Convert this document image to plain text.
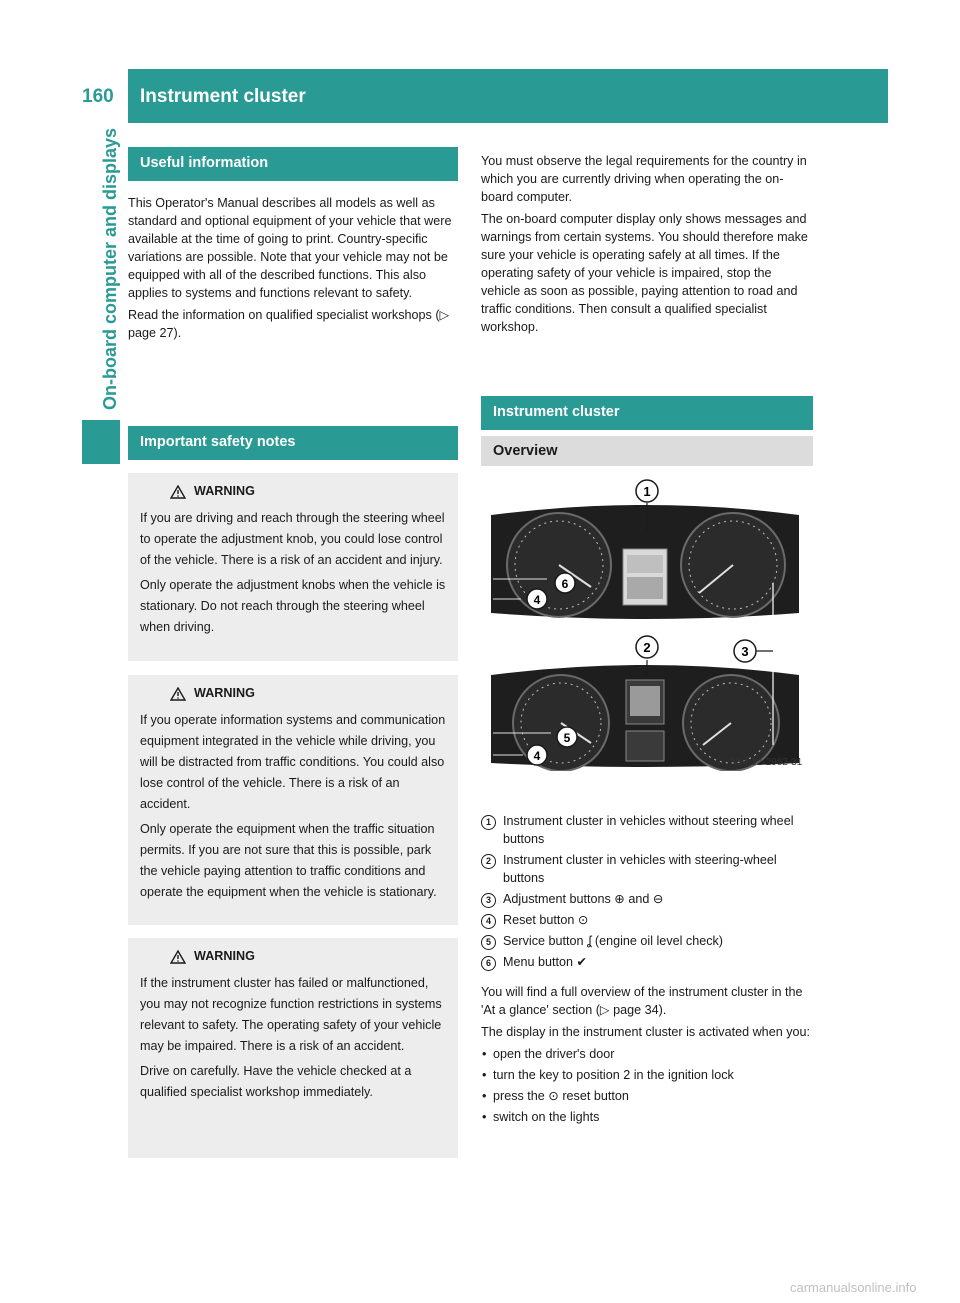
160 Instrument cluster
On-board computer and displays	Useful information

This Operator's Manual describes all models as well as standard and optional equipment of your vehicle that were available at the time of going to print. Country-specific variations are possible. Note that your vehicle may not be equipped with all of the described functions. This also applies to systems and functions relevant to safety.

Read the information on qualified specialist workshops (▷ page 27).

Important safety notes
WARNING

If you are driving and reach through the steering wheel to operate the adjustment knob, you could lose control of the vehicle. There is a risk of an accident and injury.

Only operate the adjustment knobs when the vehicle is stationary. Do not reach through the steering wheel when driving.

WARNING

If you operate information systems and communication equipment integrated in the vehicle while driving, you will be distracted from traffic conditions. You could also lose control of the vehicle. There is a risk of an accident.

Only operate the equipment when the traffic situation permits. If you are not sure that this is possible, park the vehicle paying attention to traffic conditions and operate the equipment when the vehicle is stationary.

WARNING

If the instrument cluster has failed or malfunctioned, you may not recognize function restrictions in systems relevant to safety. The operating safety of your vehicle may be impaired. There is a risk of an accident.

Drive on carefully. Have the vehicle checked at a qualified specialist workshop immediately.

You must observe the legal requirements for the country in which you are currently driving when operating the on-board computer.

The on-board computer display only shows messages and warnings from certain systems. You should therefore make sure your vehicle is operating safely at all times. If the operating safety of your vehicle is impaired, stop the vehicle as soon as possible, paying attention to road and traffic conditions. Then consult a qualified specialist workshop.

Instrument cluster
Overview
1
2	3
4
6
5
4	N54.32-2982-31
1 Instrument cluster in vehicles without steering wheel buttons
2 Instrument cluster in vehicles with steering-wheel buttons
3 Adjustment buttons ⊕ and ⊖
4 Reset button ⊙
5 Service button ʆ (engine oil level check)
6 Menu button ✔

You will find a full overview of the instrument cluster in the 'At a glance' section (▷ page 34).

The display in the instrument cluster is activated when you:

• open the driver's door
• turn the key to position 2 in the ignition lock
• press the ⊙ reset button
• switch on the lights
carmanualsonline.info
